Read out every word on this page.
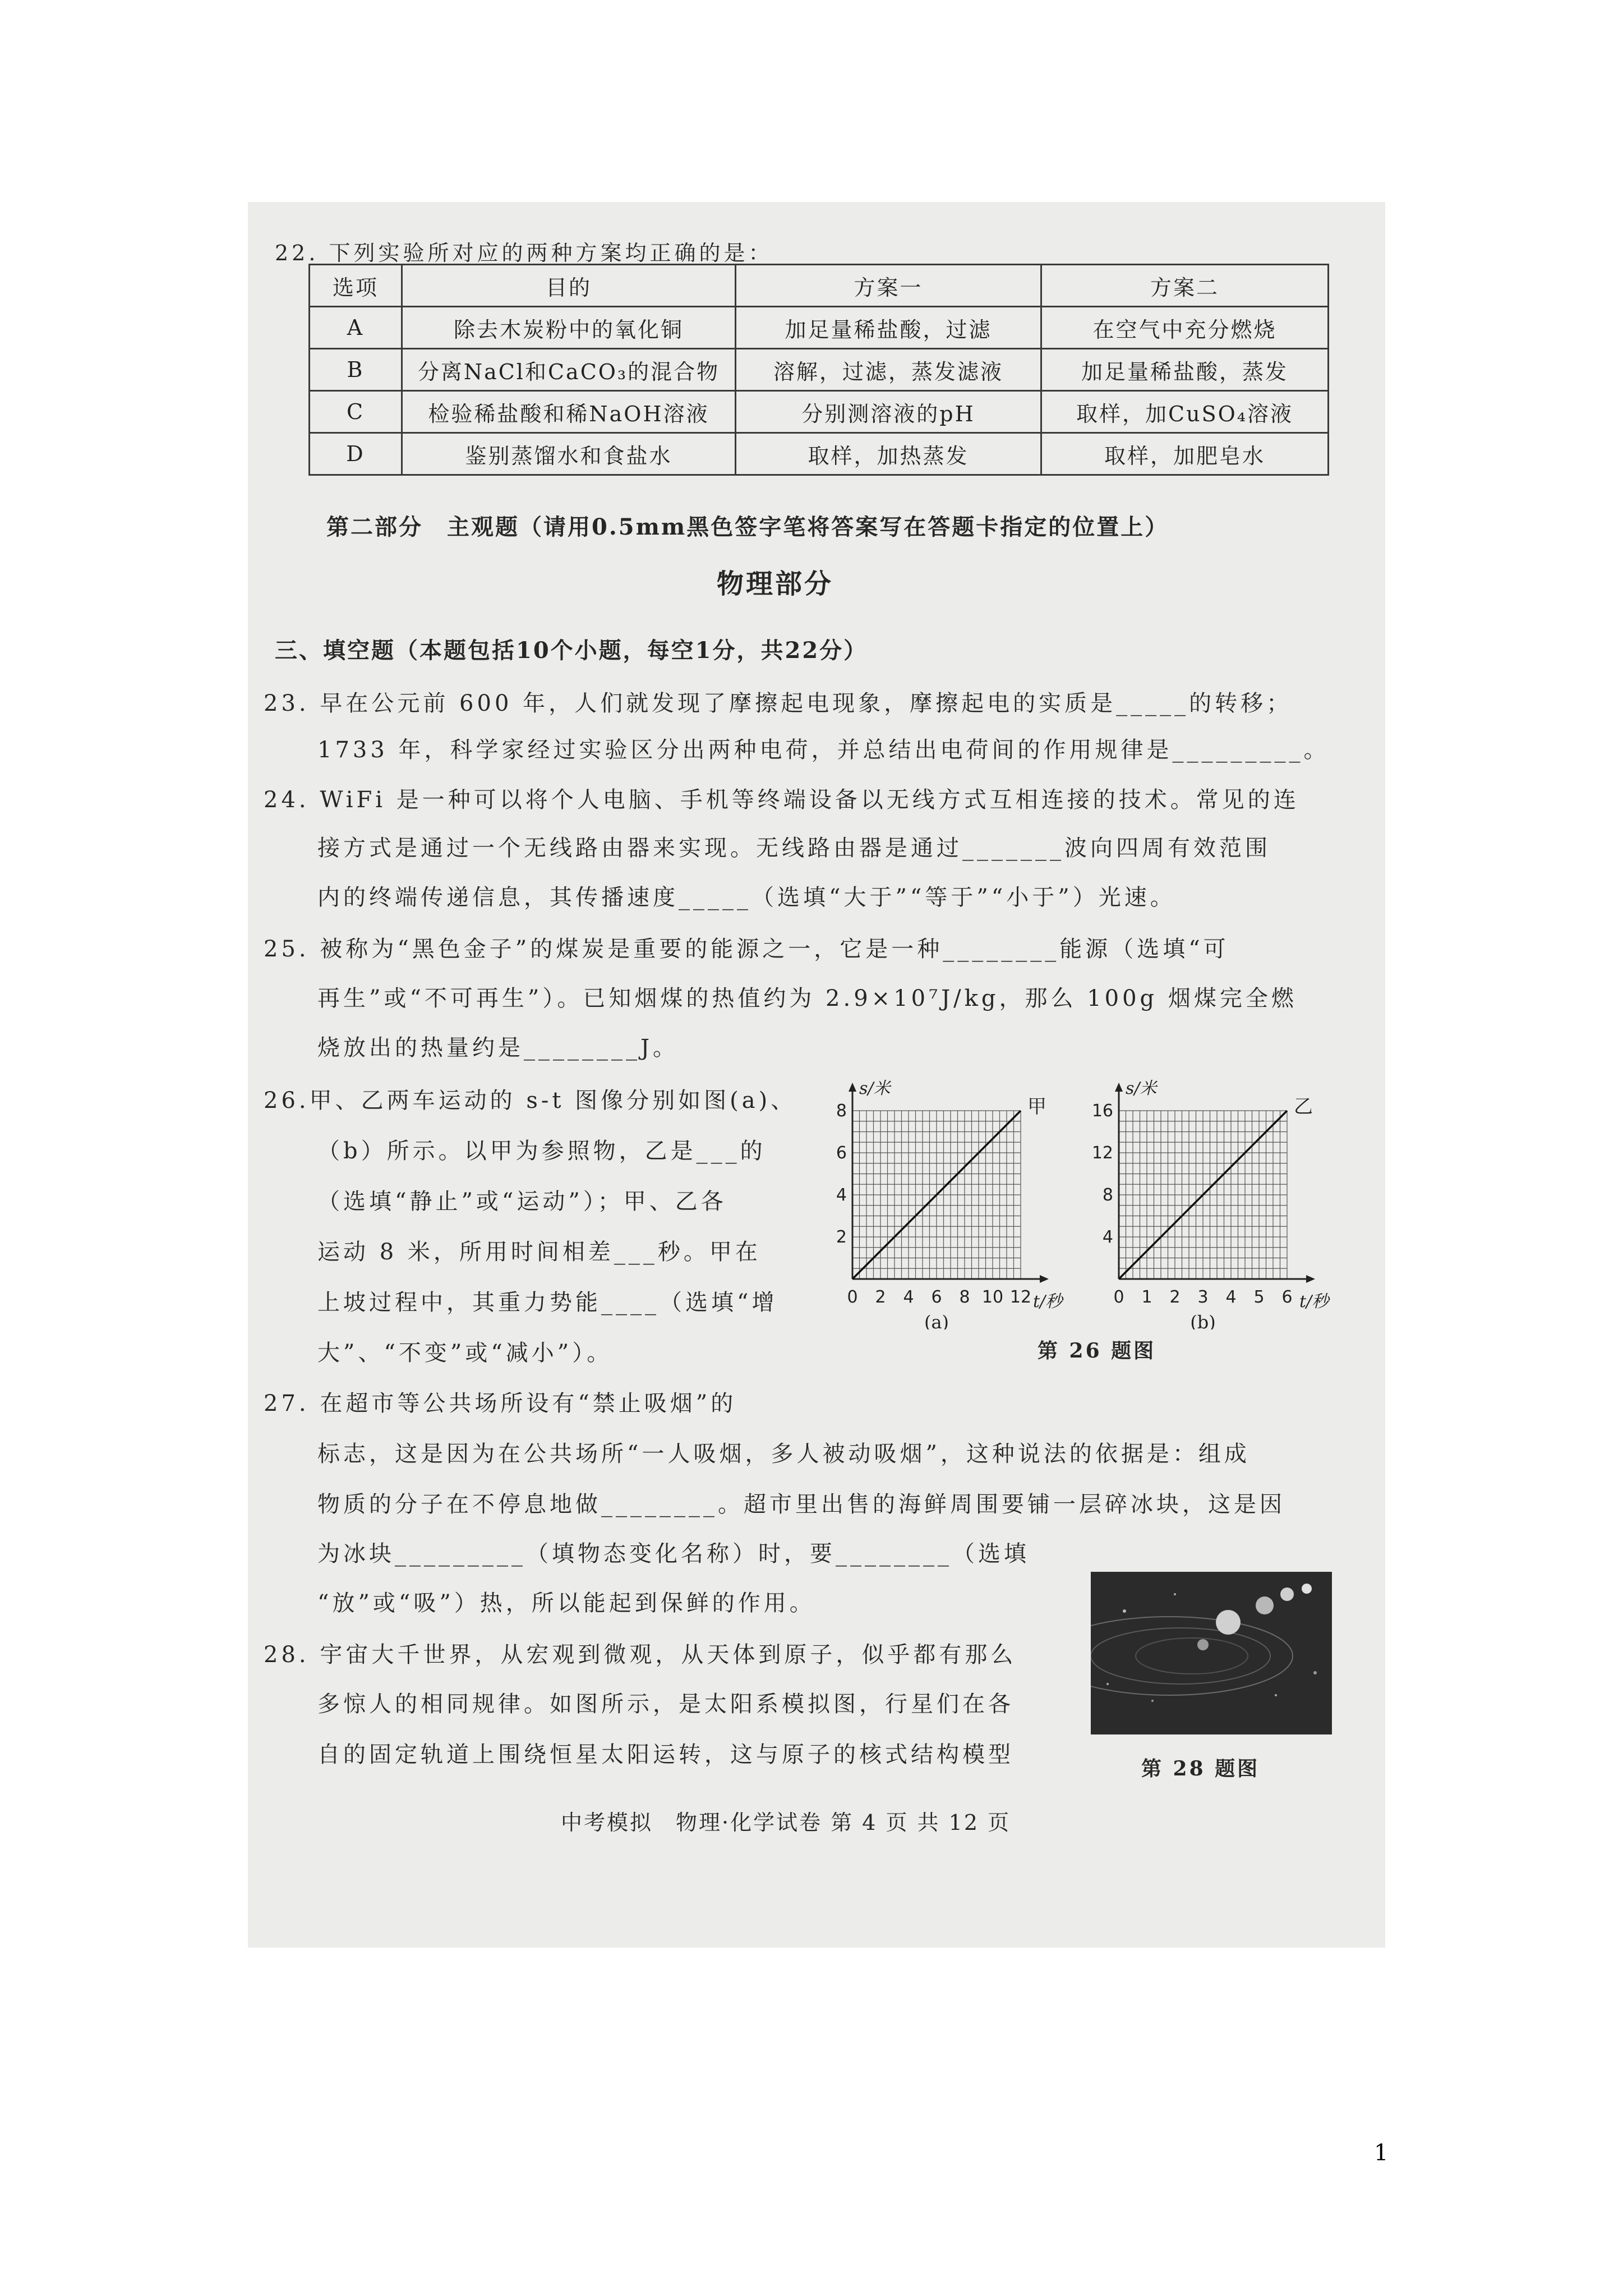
22. 下列实验所对应的两种方案均正确的是：
选项	目的	方案一	方案二
A	除去木炭粉中的氧化铜	加足量稀盐酸，过滤	在空气中充分燃烧
B	分离NaCl和CaCO₃的混合物	溶解，过滤，蒸发滤液	加足量稀盐酸，蒸发
C	检验稀盐酸和稀NaOH溶液	分别测溶液的pH	取样，加CuSO₄溶液
D	鉴别蒸馏水和食盐水	取样，加热蒸发	取样，加肥皂水
第二部分　主观题（请用0.5mm黑色签字笔将答案写在答题卡指定的位置上）
物理部分
三、填空题（本题包括10个小题，每空1分，共22分）
23. 早在公元前 600 年，人们就发现了摩擦起电现象，摩擦起电的实质是_____的转移；
1733 年，科学家经过实验区分出两种电荷，并总结出电荷间的作用规律是_________。
24. WiFi 是一种可以将个人电脑、手机等终端设备以无线方式互相连接的技术。常见的连
接方式是通过一个无线路由器来实现。无线路由器是通过_______波向四周有效范围
内的终端传递信息，其传播速度_____（选填“大于”“等于”“小于”）光速。
25. 被称为“黑色金子”的煤炭是重要的能源之一，它是一种________能源（选填“可
再生”或“不可再生”）。已知烟煤的热值约为 2.9×10⁷J/kg，那么 100g 烟煤完全燃
烧放出的热量约是________J。
26.甲、乙两车运动的 s-t 图像分别如图(a)、
（b）所示。以甲为参照物，乙是___的
（选填“静止”或“运动”）；甲、乙各
运动 8 米，所用时间相差___秒。甲在
上坡过程中，其重力势能____（选填“增
大”、“不变”或“减小”）。
s/米
t/秒
0 2 4 6 8 10 12
2
4
6
8	甲
(a)
s/米
t/秒
0 1 2 3 4 5 6
4
8
12
16	乙
(b)
第 26 题图
27. 在超市等公共场所设有“禁止吸烟”的
标志，这是因为在公共场所“一人吸烟，多人被动吸烟”，这种说法的依据是：组成
物质的分子在不停息地做________。超市里出售的海鲜周围要铺一层碎冰块，这是因
为冰块_________（填物态变化名称）时，要________（选填
“放”或“吸”）热，所以能起到保鲜的作用。
28. 宇宙大千世界，从宏观到微观，从天体到原子，似乎都有那么
多惊人的相同规律。如图所示，是太阳系模拟图，行星们在各
自的固定轨道上围绕恒星太阳运转，这与原子的核式结构模型
第 28 题图
中考模拟　物理·化学试卷 第 4 页 共 12 页
1
